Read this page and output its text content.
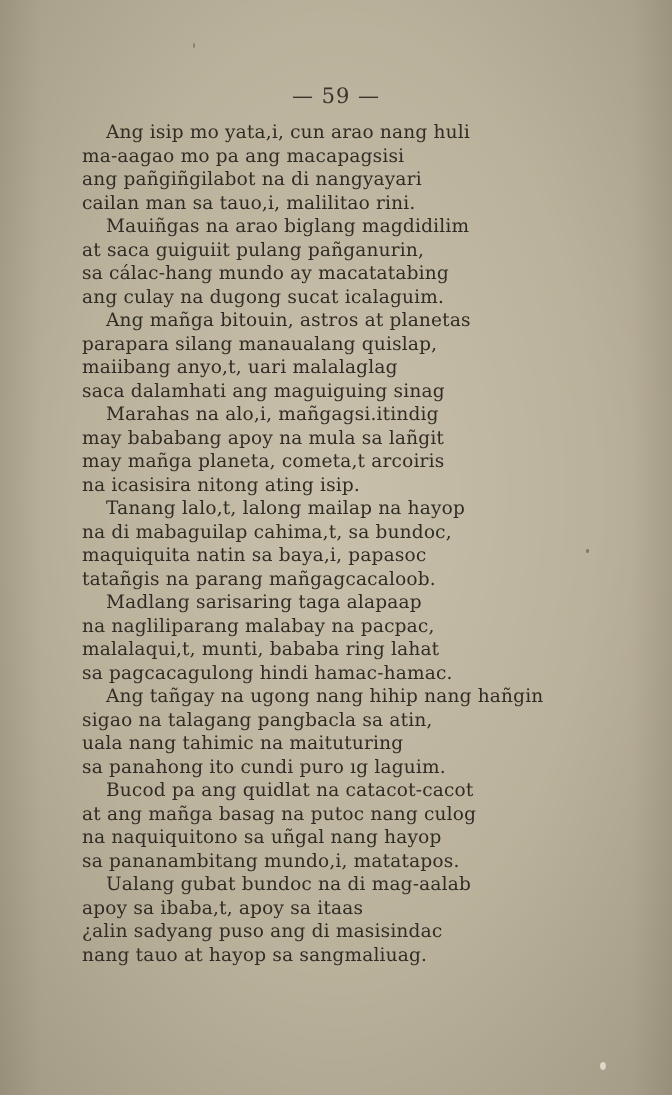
— 59 —
Ang isip mo yata,i, cun arao nang huli
ma-aagao mo pa ang macapagsisi
ang pañgiñgilabot na di nangyayari
cailan man sa tauo,i, malilitao rini.
Mauiñgas na arao biglang magdidilim
at saca guiguiit pulang pañganurin,
sa cálac-hang mundo ay macatatabing
ang culay na dugong sucat icalaguim.
Ang mañga bitouin, astros at planetas
parapara silang manaualang quislap,
maiibang anyo,t, uari malalaglag
saca dalamhati ang maguiguing sinag
Marahas na alo,i, mañgagsi.itindig
may bababang apoy na mula sa lañgit
may mañga planeta, cometa,t arcoiris
na icasisira nitong ating isip.
Tanang lalo,t, lalong mailap na hayop
na di mabaguilap cahima,t, sa bundoc,
maquiquita natin sa baya,i, papasoc
tatañgis na parang mañgagcacaloob.
Madlang sarisaring taga alapaap
na nagliliparang malabay na pacpac,
malalaqui,t, munti, bababa ring lahat
sa pagcacagulong hindi hamac-hamac.
Ang tañgay na ugong nang hihip nang hañgin
sigao na talagang pangbacla sa atin,
uala nang tahimic na maituturing
sa panahong ito cundi puro ıg laguim.
Bucod pa ang quidlat na catacot-cacot
at ang mañga basag na putoc nang culog
na naquiquitono sa uñgal nang hayop
sa pananambitang mundo,i, matatapos.
Ualang gubat bundoc na di mag-aalab
apoy sa ibaba,t, apoy sa itaas
¿alin sadyang puso ang di masisindac
nang tauo at hayop sa sangmaliuag.
